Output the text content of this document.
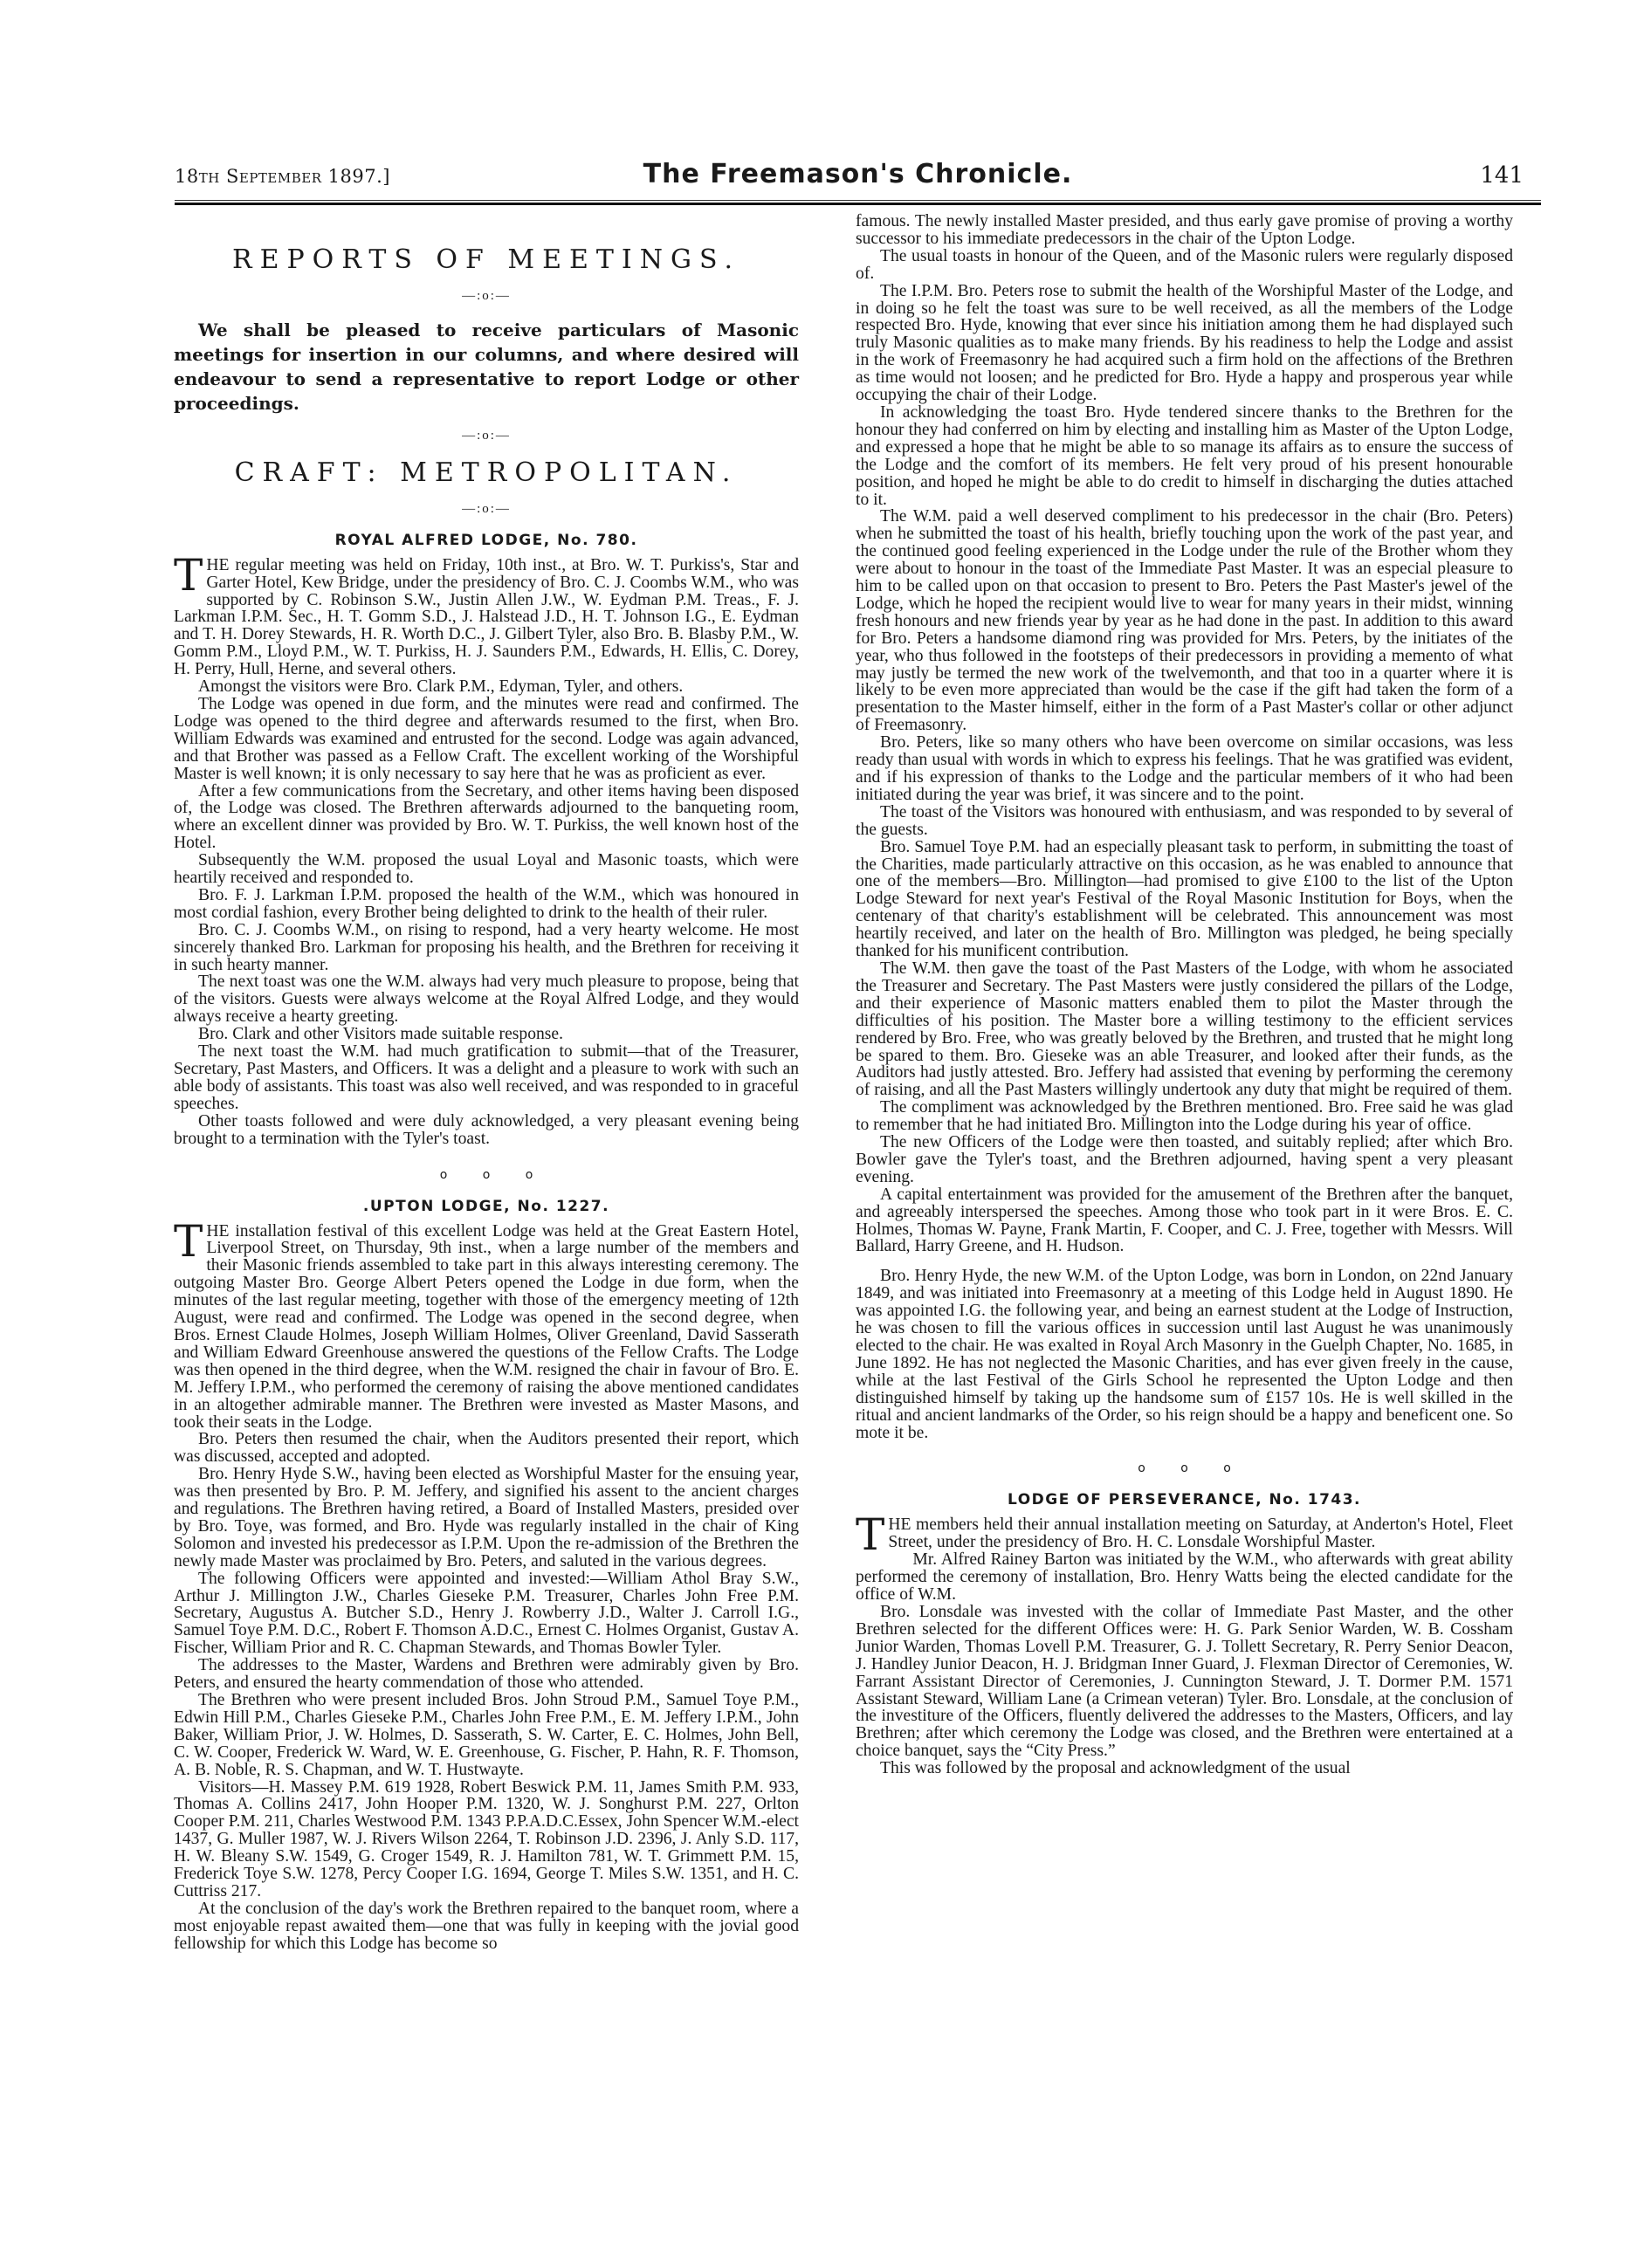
18th September 1897.]	The Freemason's Chronicle.	141
REPORTS OF MEETINGS.
—:o:—

We shall be pleased to receive particulars of Masonic meetings for insertion in our columns, and where desired will endeavour to send a representative to report Lodge or other proceedings.

—:o:—
CRAFT: METROPOLITAN.
—:o:—
ROYAL ALFRED LODGE, No. 780.

THE regular meeting was held on Friday, 10th inst., at Bro. W. T. Purkiss's, Star and Garter Hotel, Kew Bridge, under the presidency of Bro. C. J. Coombs W.M., who was supported by C. Robinson S.W., Justin Allen J.W., W. Eydman P.M. Treas., F. J. Larkman I.P.M. Sec., H. T. Gomm S.D., J. Halstead J.D., H. T. Johnson I.G., E. Eydman and T. H. Dorey Stewards, H. R. Worth D.C., J. Gilbert Tyler, also Bro. B. Blasby P.M., W. Gomm P.M., Lloyd P.M., W. T. Purkiss, H. J. Saunders P.M., Edwards, H. Ellis, C. Dorey, H. Perry, Hull, Herne, and several others.

Amongst the visitors were Bro. Clark P.M., Edyman, Tyler, and others.

The Lodge was opened in due form, and the minutes were read and confirmed. The Lodge was opened to the third degree and afterwards resumed to the first, when Bro. William Edwards was examined and entrusted for the second. Lodge was again advanced, and that Brother was passed as a Fellow Craft. The excellent working of the Worshipful Master is well known; it is only necessary to say here that he was as proficient as ever.

After a few communications from the Secretary, and other items having been disposed of, the Lodge was closed. The Brethren afterwards adjourned to the banqueting room, where an excellent dinner was provided by Bro. W. T. Purkiss, the well known host of the Hotel.

Subsequently the W.M. proposed the usual Loyal and Masonic toasts, which were heartily received and responded to.

Bro. F. J. Larkman I.P.M. proposed the health of the W.M., which was honoured in most cordial fashion, every Brother being delighted to drink to the health of their ruler.

Bro. C. J. Coombs W.M., on rising to respond, had a very hearty welcome. He most sincerely thanked Bro. Larkman for proposing his health, and the Brethren for receiving it in such hearty manner.

The next toast was one the W.M. always had very much pleasure to propose, being that of the visitors. Guests were always welcome at the Royal Alfred Lodge, and they would always receive a hearty greeting.

Bro. Clark and other Visitors made suitable response.

The next toast the W.M. had much gratification to submit—that of the Treasurer, Secretary, Past Masters, and Officers. It was a delight and a pleasure to work with such an able body of assistants. This toast was also well received, and was responded to in graceful speeches.

Other toasts followed and were duly acknowledged, a very pleasant evening being brought to a termination with the Tyler's toast.

o o o
.UPTON LODGE, No. 1227.

THE installation festival of this excellent Lodge was held at the Great Eastern Hotel, Liverpool Street, on Thursday, 9th inst., when a large number of the members and their Masonic friends assembled to take part in this always interesting ceremony. The outgoing Master Bro. George Albert Peters opened the Lodge in due form, when the minutes of the last regular meeting, together with those of the emergency meeting of 12th August, were read and confirmed. The Lodge was opened in the second degree, when Bros. Ernest Claude Holmes, Joseph William Holmes, Oliver Greenland, David Sasserath and William Edward Greenhouse answered the questions of the Fellow Crafts. The Lodge was then opened in the third degree, when the W.M. resigned the chair in favour of Bro. E. M. Jeffery I.P.M., who performed the ceremony of raising the above mentioned candidates in an altogether admirable manner. The Brethren were invested as Master Masons, and took their seats in the Lodge.

Bro. Peters then resumed the chair, when the Auditors presented their report, which was discussed, accepted and adopted.

Bro. Henry Hyde S.W., having been elected as Worshipful Master for the ensuing year, was then presented by Bro. P. M. Jeffery, and signified his assent to the ancient charges and regulations. The Brethren having retired, a Board of Installed Masters, presided over by Bro. Toye, was formed, and Bro. Hyde was regularly installed in the chair of King Solomon and invested his predecessor as I.P.M. Upon the re-admission of the Brethren the newly made Master was proclaimed by Bro. Peters, and saluted in the various degrees.

The following Officers were appointed and invested:—William Athol Bray S.W., Arthur J. Millington J.W., Charles Gieseke P.M. Treasurer, Charles John Free P.M. Secretary, Augustus A. Butcher S.D., Henry J. Rowberry J.D., Walter J. Carroll I.G., Samuel Toye P.M. D.C., Robert F. Thomson A.D.C., Ernest C. Holmes Organist, Gustav A. Fischer, William Prior and R. C. Chapman Stewards, and Thomas Bowler Tyler.

The addresses to the Master, Wardens and Brethren were admirably given by Bro. Peters, and ensured the hearty commendation of those who attended.

The Brethren who were present included Bros. John Stroud P.M., Samuel Toye P.M., Edwin Hill P.M., Charles Gieseke P.M., Charles John Free P.M., E. M. Jeffery I.P.M., John Baker, William Prior, J. W. Holmes, D. Sasserath, S. W. Carter, E. C. Holmes, John Bell, C. W. Cooper, Frederick W. Ward, W. E. Greenhouse, G. Fischer, P. Hahn, R. F. Thomson, A. B. Noble, R. S. Chapman, and W. T. Hustwayte.

Visitors—H. Massey P.M. 619 1928, Robert Beswick P.M. 11, James Smith P.M. 933, Thomas A. Collins 2417, John Hooper P.M. 1320, W. J. Songhurst P.M. 227, Orlton Cooper P.M. 211, Charles Westwood P.M. 1343 P.P.A.D.C.Essex, John Spencer W.M.-elect 1437, G. Muller 1987, W. J. Rivers Wilson 2264, T. Robinson J.D. 2396, J. Anly S.D. 117, H. W. Bleany S.W. 1549, G. Croger 1549, R. J. Hamilton 781, W. T. Grimmett P.M. 15, Frederick Toye S.W. 1278, Percy Cooper I.G. 1694, George T. Miles S.W. 1351, and H. C. Cuttriss 217.

At the conclusion of the day's work the Brethren repaired to the banquet room, where a most enjoyable repast awaited them—one that was fully in keeping with the jovial good fellowship for which this Lodge has become so

famous. The newly installed Master presided, and thus early gave promise of proving a worthy successor to his immediate predecessors in the chair of the Upton Lodge.

The usual toasts in honour of the Queen, and of the Masonic rulers were regularly disposed of.

The I.P.M. Bro. Peters rose to submit the health of the Worshipful Master of the Lodge, and in doing so he felt the toast was sure to be well received, as all the members of the Lodge respected Bro. Hyde, knowing that ever since his initiation among them he had displayed such truly Masonic qualities as to make many friends. By his readiness to help the Lodge and assist in the work of Freemasonry he had acquired such a firm hold on the affections of the Brethren as time would not loosen; and he predicted for Bro. Hyde a happy and prosperous year while occupying the chair of their Lodge.

In acknowledging the toast Bro. Hyde tendered sincere thanks to the Brethren for the honour they had conferred on him by electing and installing him as Master of the Upton Lodge, and expressed a hope that he might be able to so manage its affairs as to ensure the success of the Lodge and the comfort of its members. He felt very proud of his present honourable position, and hoped he might be able to do credit to himself in discharging the duties attached to it.

The W.M. paid a well deserved compliment to his predecessor in the chair (Bro. Peters) when he submitted the toast of his health, briefly touching upon the work of the past year, and the continued good feeling experienced in the Lodge under the rule of the Brother whom they were about to honour in the toast of the Immediate Past Master. It was an especial pleasure to him to be called upon on that occasion to present to Bro. Peters the Past Master's jewel of the Lodge, which he hoped the recipient would live to wear for many years in their midst, winning fresh honours and new friends year by year as he had done in the past. In addition to this award for Bro. Peters a handsome diamond ring was provided for Mrs. Peters, by the initiates of the year, who thus followed in the footsteps of their predecessors in providing a memento of what may justly be termed the new work of the twelvemonth, and that too in a quarter where it is likely to be even more appreciated than would be the case if the gift had taken the form of a presentation to the Master himself, either in the form of a Past Master's collar or other adjunct of Freemasonry.

Bro. Peters, like so many others who have been overcome on similar occasions, was less ready than usual with words in which to express his feelings. That he was gratified was evident, and if his expression of thanks to the Lodge and the particular members of it who had been initiated during the year was brief, it was sincere and to the point.

The toast of the Visitors was honoured with enthusiasm, and was responded to by several of the guests.

Bro. Samuel Toye P.M. had an especially pleasant task to perform, in submitting the toast of the Charities, made particularly attractive on this occasion, as he was enabled to announce that one of the members—Bro. Millington—had promised to give £100 to the list of the Upton Lodge Steward for next year's Festival of the Royal Masonic Institution for Boys, when the centenary of that charity's establishment will be celebrated. This announcement was most heartily received, and later on the health of Bro. Millington was pledged, he being specially thanked for his munificent contribution.

The W.M. then gave the toast of the Past Masters of the Lodge, with whom he associated the Treasurer and Secretary. The Past Masters were justly considered the pillars of the Lodge, and their experience of Masonic matters enabled them to pilot the Master through the difficulties of his position. The Master bore a willing testimony to the efficient services rendered by Bro. Free, who was greatly beloved by the Brethren, and trusted that he might long be spared to them. Bro. Gieseke was an able Treasurer, and looked after their funds, as the Auditors had justly attested. Bro. Jeffery had assisted that evening by performing the ceremony of raising, and all the Past Masters willingly undertook any duty that might be required of them.

The compliment was acknowledged by the Brethren mentioned. Bro. Free said he was glad to remember that he had initiated Bro. Millington into the Lodge during his year of office.

The new Officers of the Lodge were then toasted, and suitably replied; after which Bro. Bowler gave the Tyler's toast, and the Brethren adjourned, having spent a very pleasant evening.

A capital entertainment was provided for the amusement of the Brethren after the banquet, and agreeably interspersed the speeches. Among those who took part in it were Bros. E. C. Holmes, Thomas W. Payne, Frank Martin, F. Cooper, and C. J. Free, together with Messrs. Will Ballard, Harry Greene, and H. Hudson.

Bro. Henry Hyde, the new W.M. of the Upton Lodge, was born in London, on 22nd January 1849, and was initiated into Freemasonry at a meeting of this Lodge held in August 1890. He was appointed I.G. the following year, and being an earnest student at the Lodge of Instruction, he was chosen to fill the various offices in succession until last August he was unanimously elected to the chair. He was exalted in Royal Arch Masonry in the Guelph Chapter, No. 1685, in June 1892. He has not neglected the Masonic Charities, and has ever given freely in the cause, while at the last Festival of the Girls School he represented the Upton Lodge and then distinguished himself by taking up the handsome sum of £157 10s. He is well skilled in the ritual and ancient landmarks of the Order, so his reign should be a happy and beneficent one. So mote it be.

o o o
LODGE OF PERSEVERANCE, No. 1743.

THE members held their annual installation meeting on Saturday, at Anderton's Hotel, Fleet Street, under the presidency of Bro. H. C. Lonsdale Worshipful Master.

Mr. Alfred Rainey Barton was initiated by the W.M., who afterwards with great ability performed the ceremony of installation, Bro. Henry Watts being the elected candidate for the office of W.M.

Bro. Lonsdale was invested with the collar of Immediate Past Master, and the other Brethren selected for the different Offices were: H. G. Park Senior Warden, W. B. Cossham Junior Warden, Thomas Lovell P.M. Treasurer, G. J. Tollett Secretary, R. Perry Senior Deacon, J. Handley Junior Deacon, H. J. Bridgman Inner Guard, J. Flexman Director of Ceremonies, W. Farrant Assistant Director of Ceremonies, J. Cunnington Steward, J. T. Dormer P.M. 1571 Assistant Steward, William Lane (a Crimean veteran) Tyler. Bro. Lonsdale, at the conclusion of the investiture of the Officers, fluently delivered the addresses to the Masters, Officers, and lay Brethren; after which ceremony the Lodge was closed, and the Brethren were entertained at a choice banquet, says the “City Press.”

This was followed by the proposal and acknowledgment of the usual
